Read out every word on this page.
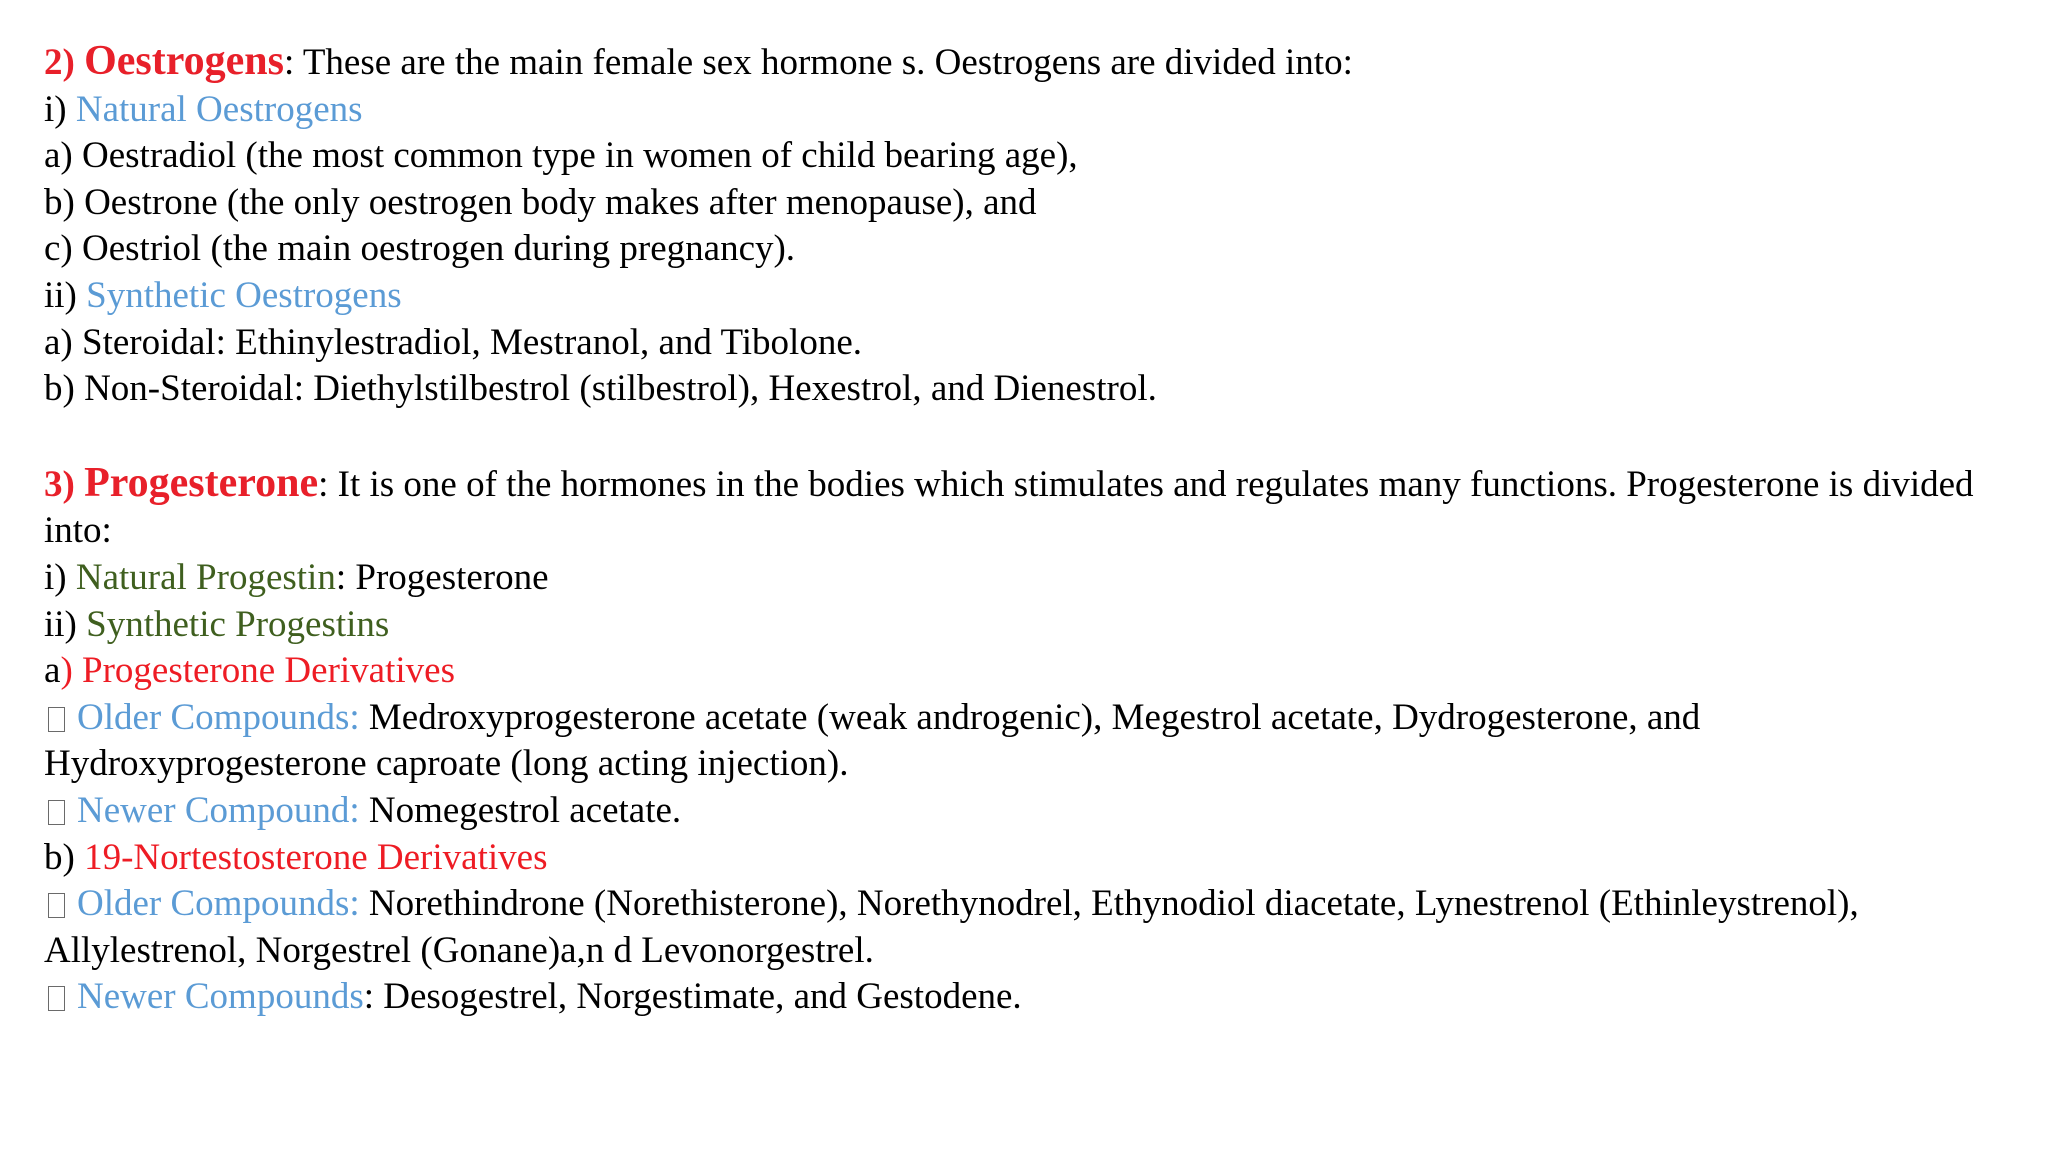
2) Oestrogens: These are the main female sex hormone s. Oestrogens are divided into:
i) Natural Oestrogens
a) Oestradiol (the most common type in women of child bearing age),
b) Oestrone (the only oestrogen body makes after menopause), and
c) Oestriol (the main oestrogen during pregnancy).
ii) Synthetic Oestrogens
a) Steroidal: Ethinylestradiol, Mestranol, and Tibolone.
b) Non-Steroidal: Diethylstilbestrol (stilbestrol), Hexestrol, and Dienestrol.
3) Progesterone: It is one of the hormones in the bodies which stimulates and regulates many functions. Progesterone is divided into:
i) Natural Progestin: Progesterone
ii) Synthetic Progestins
a) Progesterone Derivatives
Older Compounds: Medroxyprogesterone acetate (weak androgenic), Megestrol acetate, Dydrogesterone, and Hydroxyprogesterone caproate (long acting injection).
Newer Compound: Nomegestrol acetate.
b) 19-Nortestosterone Derivatives
Older Compounds: Norethindrone (Norethisterone), Norethynodrel, Ethynodiol diacetate, Lynestrenol (Ethinleystrenol), Allylestrenol, Norgestrel (Gonane)a,n d Levonorgestrel.
Newer Compounds: Desogestrel, Norgestimate, and Gestodene.
